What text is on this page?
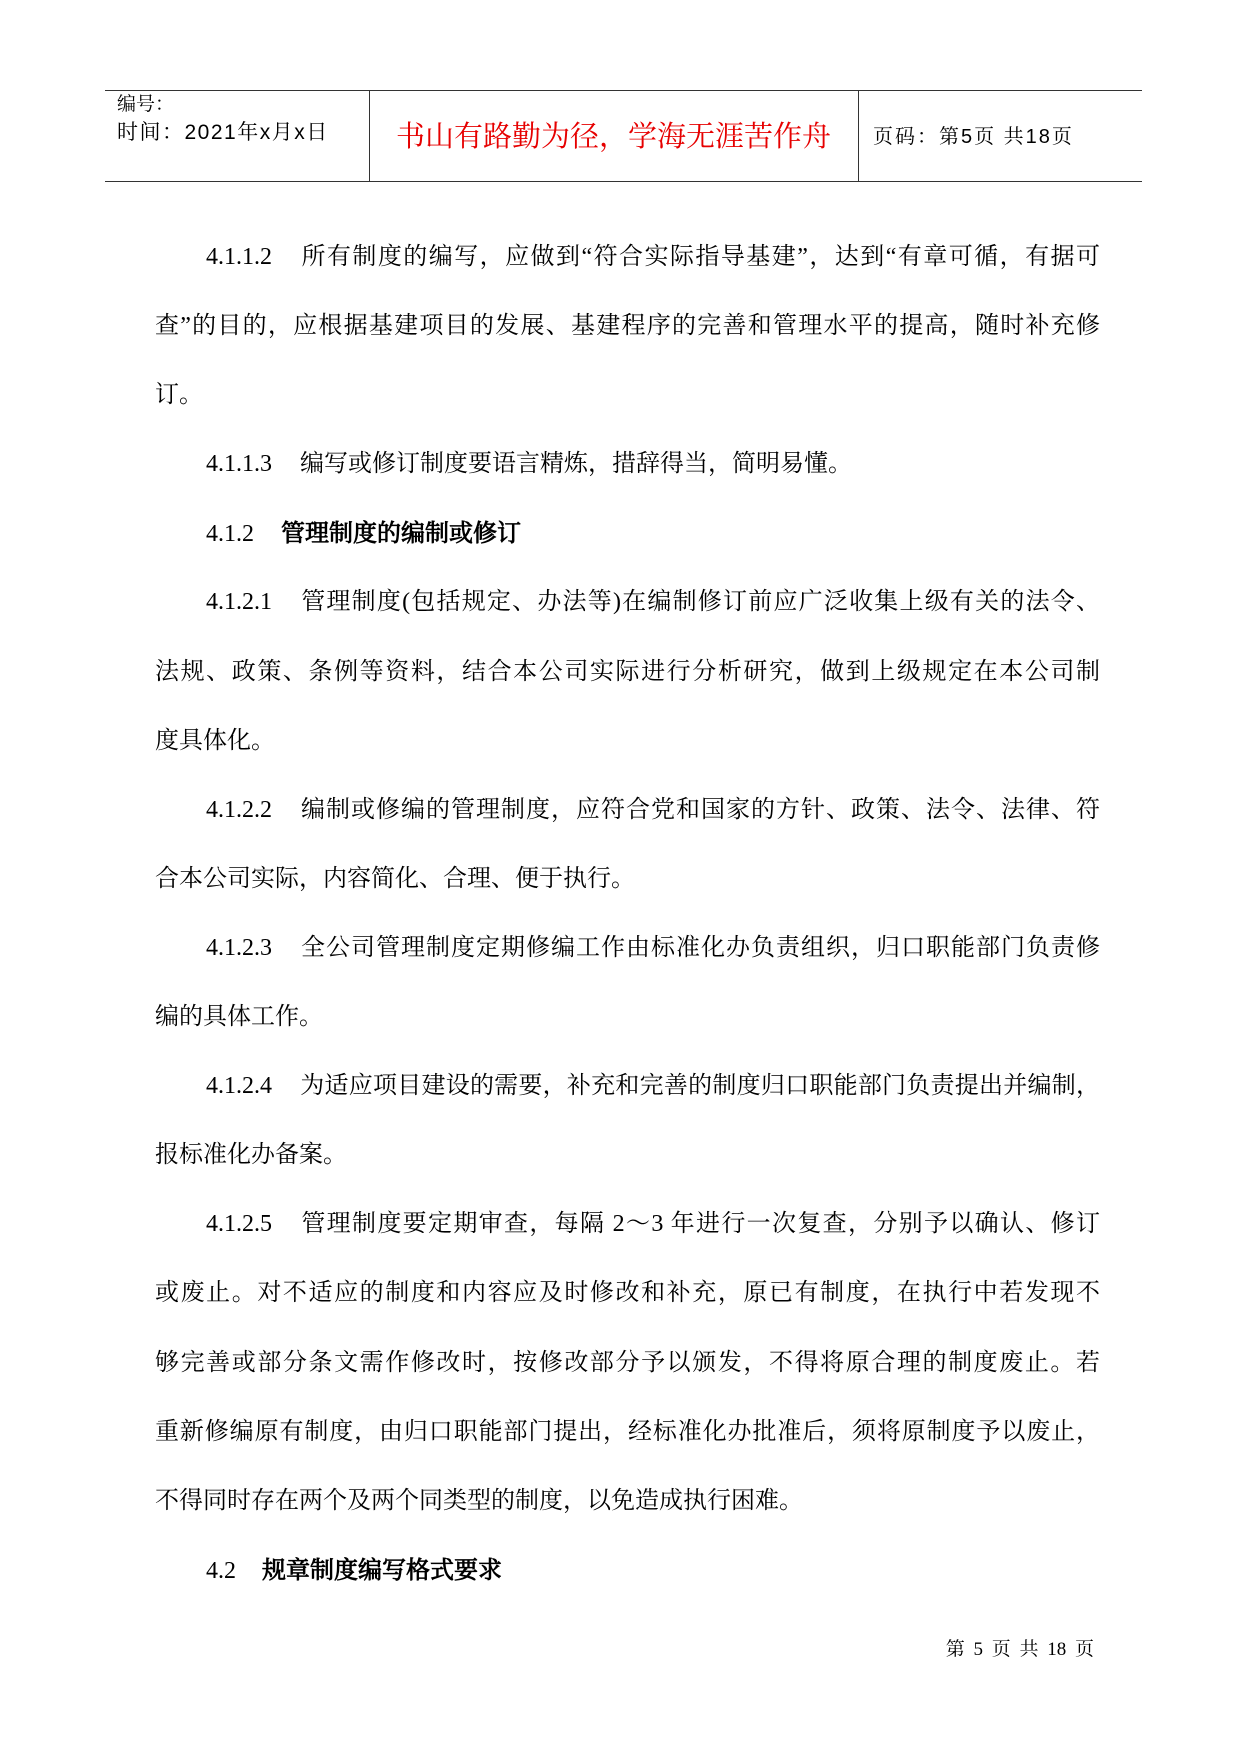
编号：
时间：2021年x月x日	书山有路勤为径，学海无涯苦作舟	页码：第5页 共18页
4.1.1.2 所有制度的编写，应做到“符合实际指导基建”，达到“有章可循，有据可
查”的目的，应根据基建项目的发展、基建程序的完善和管理水平的提高，随时补充修
订。
4.1.1.3 编写或修订制度要语言精炼，措辞得当，简明易懂。
4.1.2 管理制度的编制或修订
4.1.2.1 管理制度(包括规定、办法等)在编制修订前应广泛收集上级有关的法令、
法规、政策、条例等资料，结合本公司实际进行分析研究，做到上级规定在本公司制
度具体化。
4.1.2.2 编制或修编的管理制度，应符合党和国家的方针、政策、法令、法律、符
合本公司实际，内容简化、合理、便于执行。
4.1.2.3 全公司管理制度定期修编工作由标准化办负责组织，归口职能部门负责修
编的具体工作。
4.1.2.4 为适应项目建设的需要，补充和完善的制度归口职能部门负责提出并编制，
报标准化办备案。
4.1.2.5 管理制度要定期审查，每隔 2～3 年进行一次复查，分别予以确认、修订
或废止。对不适应的制度和内容应及时修改和补充，原已有制度，在执行中若发现不
够完善或部分条文需作修改时，按修改部分予以颁发，不得将原合理的制度废止。若
重新修编原有制度，由归口职能部门提出，经标准化办批准后，须将原制度予以废止，
不得同时存在两个及两个同类型的制度，以免造成执行困难。
4.2 规章制度编写格式要求
第 5 页 共 18 页
